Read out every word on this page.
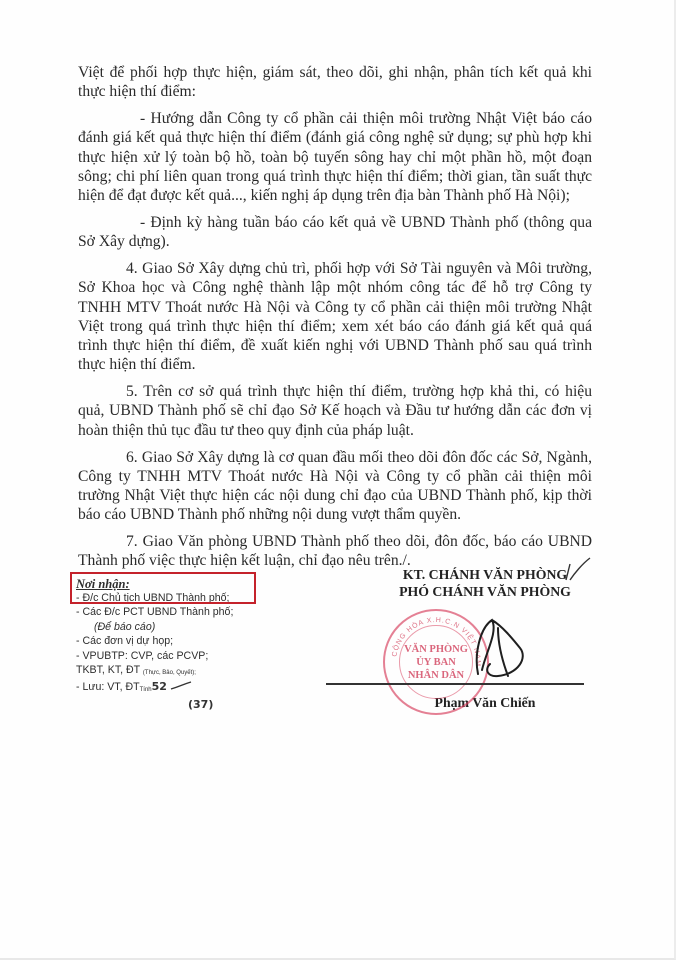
Việt để phối hợp thực hiện, giám sát, theo dõi, ghi nhận, phân tích kết quả khi thực hiện thí điểm:

- Hướng dẫn Công ty cổ phần cải thiện môi trường Nhật Việt báo cáo đánh giá kết quả thực hiện thí điểm (đánh giá công nghệ sử dụng; sự phù hợp khi thực hiện xử lý toàn bộ hồ, toàn bộ tuyến sông hay chỉ một phần hồ, một đoạn sông; chi phí liên quan trong quá trình thực hiện thí điểm; thời gian, tần suất thực hiện để đạt được kết quả..., kiến nghị áp dụng trên địa bàn Thành phố Hà Nội);

- Định kỳ hàng tuần báo cáo kết quả về UBND Thành phố (thông qua Sở Xây dựng).

4. Giao Sở Xây dựng chủ trì, phối hợp với Sở Tài nguyên và Môi trường, Sở Khoa học và Công nghệ thành lập một nhóm công tác để hỗ trợ Công ty TNHH MTV Thoát nước Hà Nội và Công ty cổ phần cải thiện môi trường Nhật Việt trong quá trình thực hiện thí điểm; xem xét báo cáo đánh giá kết quả quá trình thực hiện thí điểm, đề xuất kiến nghị với UBND Thành phố sau quá trình thực hiện thí điểm.

5. Trên cơ sở quá trình thực hiện thí điểm, trường hợp khả thi, có hiệu quả, UBND Thành phố sẽ chỉ đạo Sở Kế hoạch và Đầu tư hướng dẫn các đơn vị hoàn thiện thủ tục đầu tư theo quy định của pháp luật.

6. Giao Sở Xây dựng là cơ quan đầu mối theo dõi đôn đốc các Sở, Ngành, Công ty TNHH MTV Thoát nước Hà Nội và Công ty cổ phần cải thiện môi trường Nhật Việt thực hiện các nội dung chỉ đạo của UBND Thành phố, kịp thời báo cáo UBND Thành phố những nội dung vượt thẩm quyền.

7. Giao Văn phòng UBND Thành phố theo dõi, đôn đốc, báo cáo UBND Thành phố việc thực hiện kết luận, chỉ đạo nêu trên./.

Nơi nhận:
- Đ/c Chủ tịch UBND Thành phố;
- Các Đ/c PCT UBND Thành phố;
(Để báo cáo)
- Các đơn vị dự họp;
- VPUBTP: CVP, các PCVP;
TKBT, KT, ĐT (Thực, Bảo, Quyết);
- Lưu: VT, ĐTTính52
(37)
KT. CHÁNH VĂN PHÒNG
PHÓ CHÁNH VĂN PHÒNG
Phạm Văn Chiến
CỘNG HÒA X.H.C.N VIỆT NAM
VĂN PHÒNG
ỦY BAN
NHÂN DÂN
